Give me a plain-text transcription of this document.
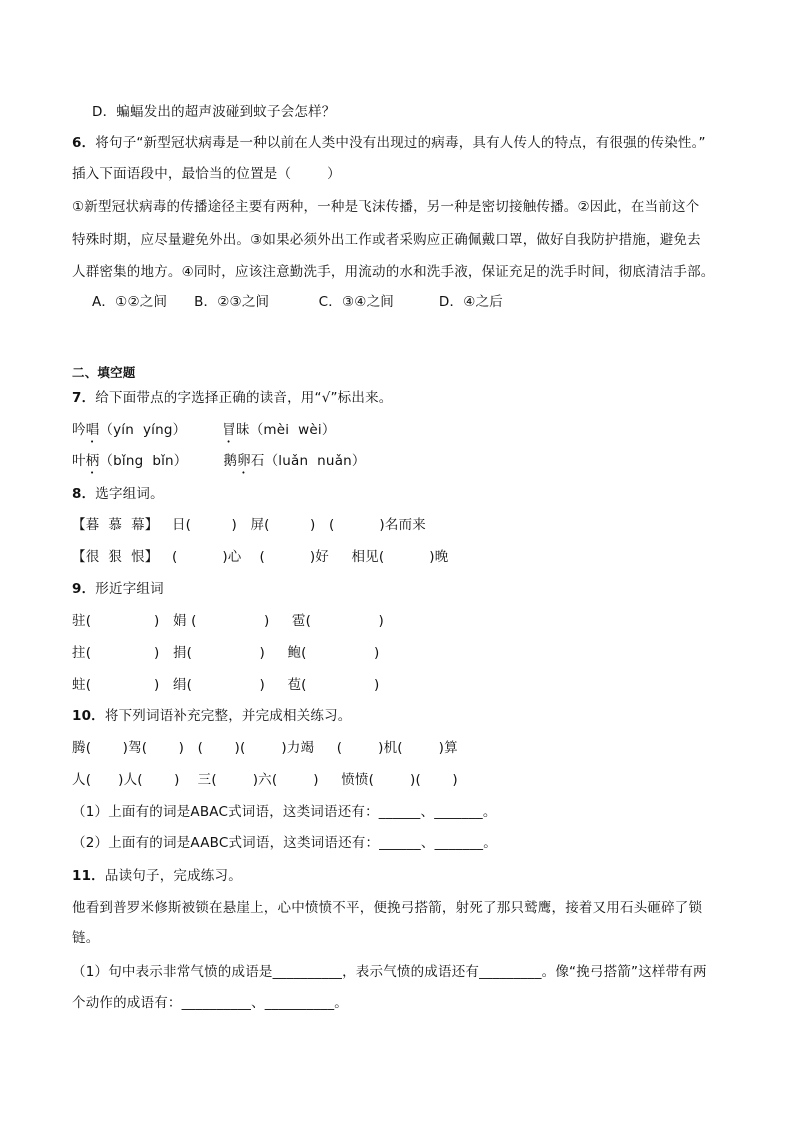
D．蝙蝠发出的超声波碰到蚊子会怎样？
6．将句子“新型冠状病毒是一种以前在人类中没有出现过的病毒，具有人传人的特点，有很强的传染性。”
插入下面语段中，最恰当的位置是（        ）
①新型冠状病毒的传播途径主要有两种，一种是飞沫传播，另一种是密切接触传播。②因此，在当前这个
特殊时期，应尽量避免外出。③如果必须外出工作或者采购应正确佩戴口罩，做好自我防护措施，避免去
人群密集的地方。④同时，应该注意勤洗手，用流动的水和洗手液，保证充足的洗手时间，彻底清洁手部。
A．①②之间      B．②③之间           C．③④之间          D．④之后
二、填空题
7．给下面带点的字选择正确的读音，用“√”标出来。
吟唱（yín  yíng）        冒昧（mèi  wèi）
叶柄（bǐng  bǐn）        鹅卵石（luǎn  nuǎn）
8．选字组词。
【暮  慕  幕】   日(         )   屏(         )   (          )名而来
【很  狠  恨】   (          )心    (          )好     相见(          )晚
9．形近字组词
驻(              )   娟 (               )     雹(               )
拄(              )   捐(               )     鲍(               )
蛀(              )   绢(               )     苞(               )
10．将下列词语补充完整，并完成相关练习。
腾(       )驾(       )   (       )(        )力竭     (        )机(        )算
人(      )人(       )    三(        )六(        )     愤愤(        )(       )
（1）上面有的词是ABAC式词语，这类词语还有：______、_______。
（2）上面有的词是AABC式词语，这类词语还有：______、_______。
11．品读句子，完成练习。
他看到普罗米修斯被锁在悬崖上，心中愤愤不平，便挽弓搭箭，射死了那只鹫鹰，接着又用石头砸碎了锁
链。
（1）句中表示非常气愤的成语是__________，表示气愤的成语还有_________。像“挽弓搭箭”这样带有两
个动作的成语有：__________、__________。
